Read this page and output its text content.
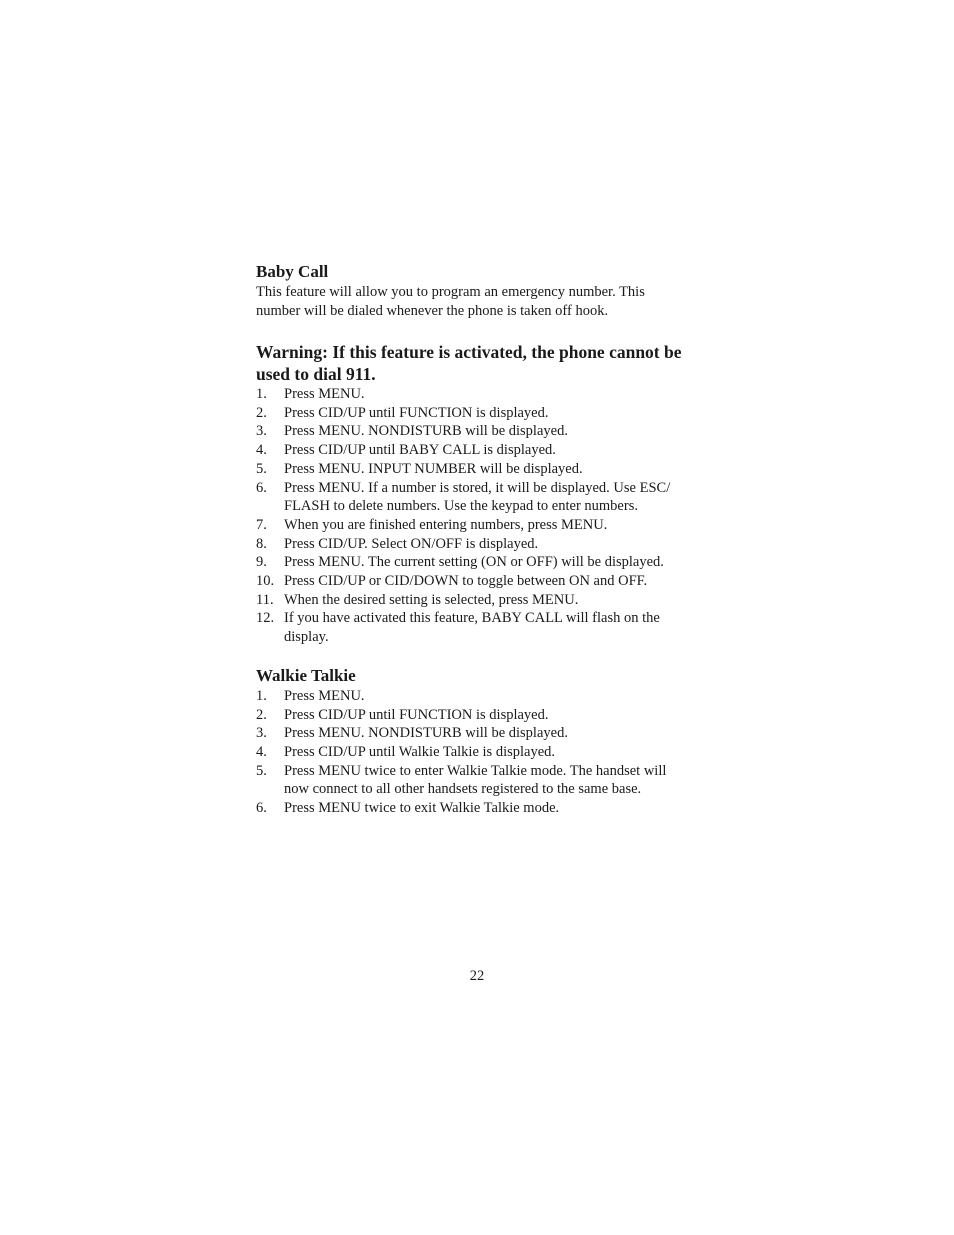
Baby Call

This feature will allow you to program an emergency number. This
number will be dialed whenever the phone is taken off hook.

Warning: If this feature is activated, the phone cannot be
used to dial 911.

1.	Press MENU.
2.	Press CID/UP until FUNCTION is displayed.
3.	Press MENU. NONDISTURB will be displayed.
4.	Press CID/UP until BABY CALL is displayed.
5.	Press MENU. INPUT NUMBER will be displayed.
6.	Press MENU. If a number is stored, it will be displayed. Use ESC/
FLASH to delete numbers. Use the keypad to enter numbers.
7.	When you are finished entering numbers, press MENU.
8.	Press CID/UP. Select ON/OFF is displayed.
9.	Press MENU. The current setting (ON or OFF) will be displayed.
10. Press CID/UP or CID/DOWN to toggle between ON and OFF.
11. When the desired setting is selected, press MENU.
12. If you have activated this feature, BABY CALL will flash on the
display.
Walkie Talkie
1.	Press MENU.
2.	Press CID/UP until FUNCTION is displayed.
3.	Press MENU. NONDISTURB will be displayed.
4.	Press CID/UP until Walkie Talkie is displayed.
5.	Press MENU twice to enter Walkie Talkie mode. The handset will
now connect to all other handsets registered to the same base.
6.	Press MENU twice to exit Walkie Talkie mode.
22
